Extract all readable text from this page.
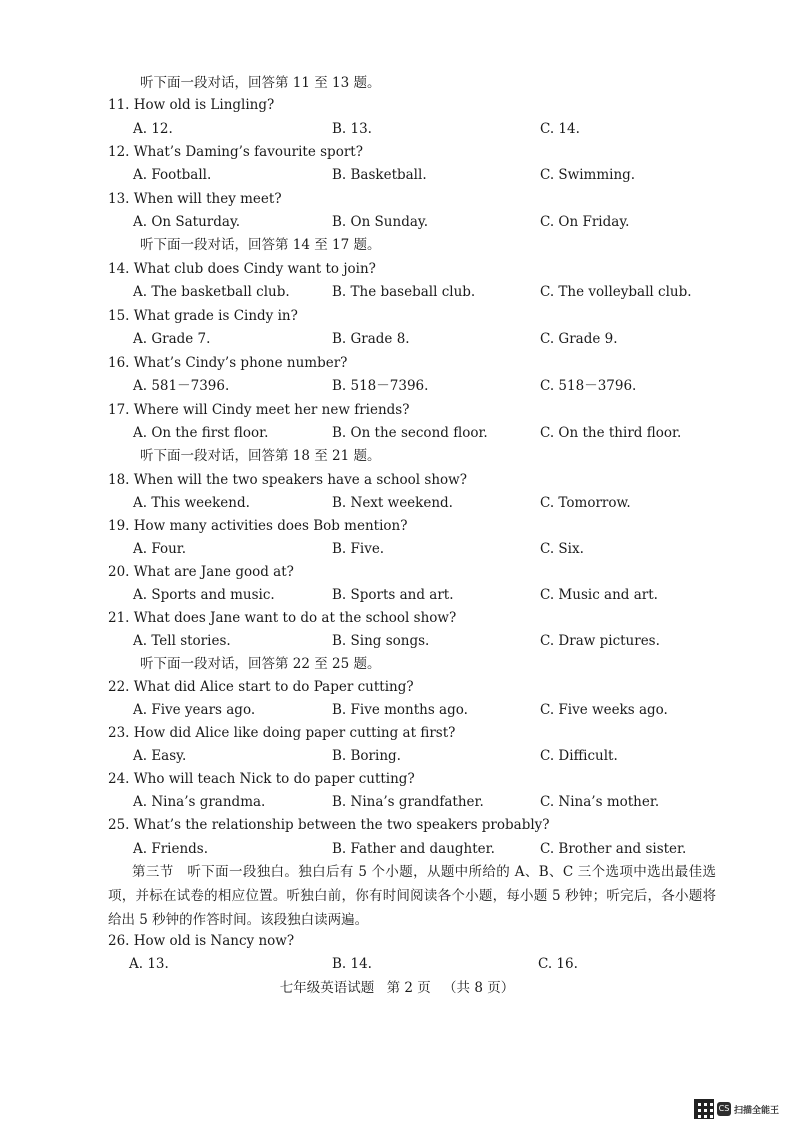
听下面一段对话，回答第 11 至 13 题。
11. How old is Lingling?
A. 12.	B. 13.	C. 14.
12. What’s Daming’s favourite sport?
A. Football.	B. Basketball.	C. Swimming.
13. When will they meet?
A. On Saturday.	B. On Sunday.	C. On Friday.
听下面一段对话，回答第 14 至 17 题。
14. What club does Cindy want to join?
A. The basketball club.	B. The baseball club.	C. The volleyball club.
15. What grade is Cindy in?
A. Grade 7.	B. Grade 8.	C. Grade 9.
16. What’s Cindy’s phone number?
A. 581－7396.	B. 518－7396.	C. 518－3796.
17. Where will Cindy meet her new friends?
A. On the first floor.	B. On the second floor.	C. On the third floor.
听下面一段对话，回答第 18 至 21 题。
18. When will the two speakers have a school show?
A. This weekend.	B. Next weekend.	C. Tomorrow.
19. How many activities does Bob mention?
A. Four.	B. Five.	C. Six.
20. What are Jane good at?
A. Sports and music.	B. Sports and art.	C. Music and art.
21. What does Jane want to do at the school show?
A. Tell stories.	B. Sing songs.	C. Draw pictures.
听下面一段对话，回答第 22 至 25 题。
22. What did Alice start to do Paper cutting?
A. Five years ago.	B. Five months ago.	C. Five weeks ago.
23. How did Alice like doing paper cutting at first?
A. Easy.	B. Boring.	C. Difficult.
24. Who will teach Nick to do paper cutting?
A. Nina’s grandma.	B. Nina’s grandfather.	C. Nina’s mother.
25. What’s the relationship between the two speakers probably?
A. Friends.	B. Father and daughter.	C. Brother and sister.
第三节　听下面一段独白。独白后有 5 个小题，从题中所给的 A、B、C 三个选项中选出最佳选项，并标在试卷的相应位置。听独白前，你有时间阅读各个小题，每小题 5 秒钟；听完后，各小题将给出 5 秒钟的作答时间。该段独白读两遍。
26. How old is Nancy now?
A. 13.	B. 14.	C. 16.
七年级英语试题 第 2 页 （共 8 页）
CS 扫描全能王
